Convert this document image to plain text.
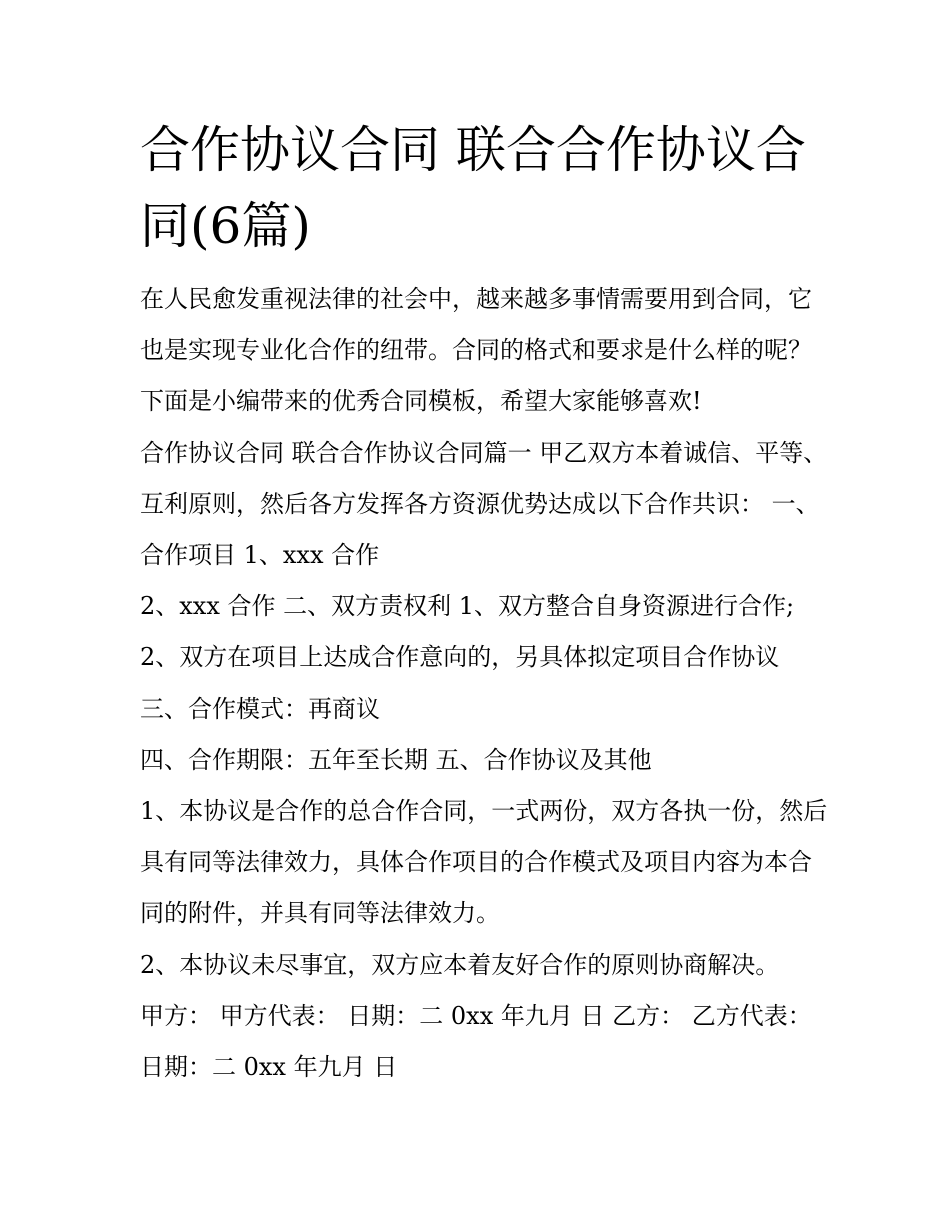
合作协议合同 联合合作协议合同(6篇)

在人民愈发重视法律的社会中，越来越多事情需要用到合同，它也是实现专业化合作的纽带。合同的格式和要求是什么样的呢？下面是小编带来的优秀合同模板，希望大家能够喜欢!

合作协议合同 联合合作协议合同篇一 甲乙双方本着诚信、平等、互利原则，然后各方发挥各方资源优势达成以下合作共识： 一、合作项目 1、xxx 合作

2、xxx 合作 二、双方责权利 1、双方整合自身资源进行合作;

2、双方在项目上达成合作意向的，另具体拟定项目合作协议

三、合作模式：再商议

四、合作期限：五年至长期 五、合作协议及其他

1、本协议是合作的总合作合同，一式两份，双方各执一份，然后具有同等法律效力，具体合作项目的合作模式及项目内容为本合同的附件，并具有同等法律效力。

2、本协议未尽事宜，双方应本着友好合作的原则协商解决。

甲方： 甲方代表： 日期：二 0xx 年九月 日 乙方： 乙方代表： 日期：二 0xx 年九月 日
